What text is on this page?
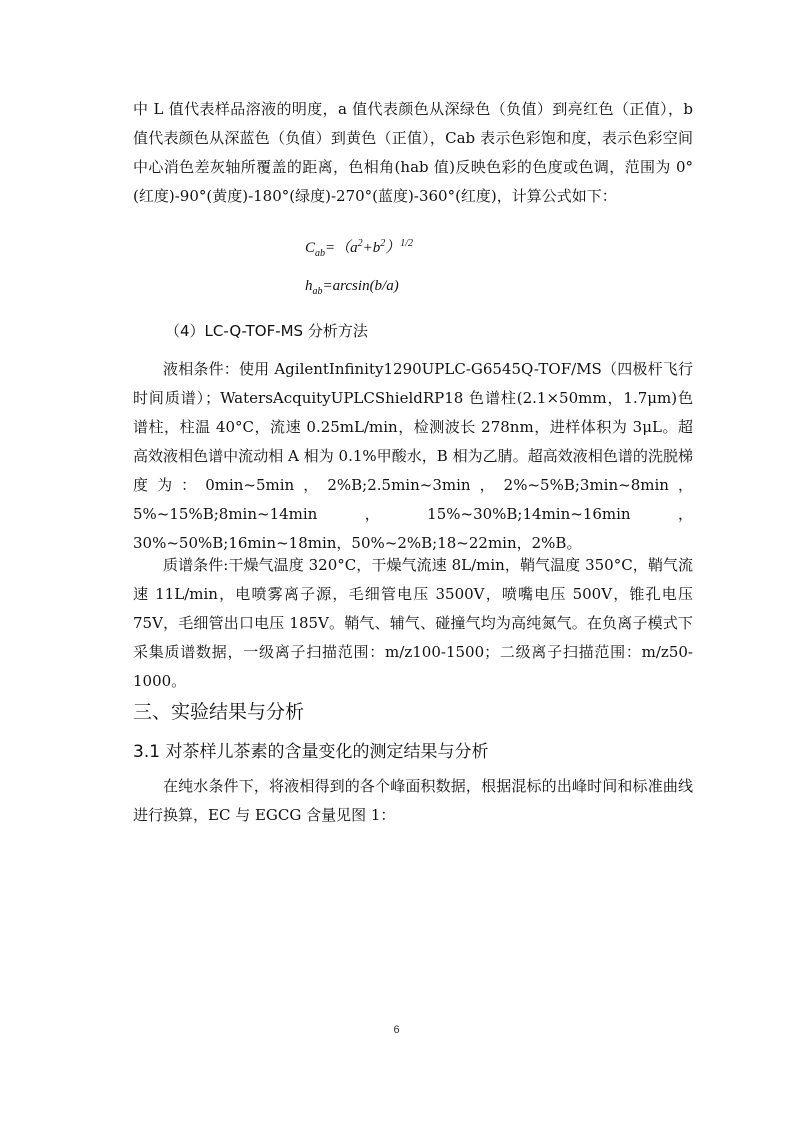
中 L 值代表样品溶液的明度，a 值代表颜色从深绿色（负值）到亮红色（正值），b 值代表颜色从深蓝色（负值）到黄色（正值），Cab 表示色彩饱和度，表示色彩空间中心消色差灰轴所覆盖的距离，色相角(hab 值)反映色彩的色度或色调，范围为 0°(红度)-90°(黄度)-180°(绿度)-270°(蓝度)-360°(红度)，计算公式如下：

$C_{ab}=(a^2+b^2)^{1/2}$
$h_{ab}=\arcsin(b/a)$
（4）LC-Q-TOF-MS 分析方法

液相条件：使用 AgilentInfinity1290UPLC-G6545Q-TOF/MS（四极杆飞行时间质谱）；WatersAcquityUPLCShieldRP18 色谱柱(2.1×50mm，1.7μm)色谱柱，柱温 40°C，流速 0.25mL/min，检测波长 278nm，进样体积为 3μL。超高效液相色谱中流动相 A 相为 0.1%甲酸水，B 相为乙腈。超高效液相色谱的洗脱梯度为：0min~5min，2%B;2.5min~3min，2%~5%B;3min~8min，5%~15%B;8min~14min，15%~30%B;14min~16min，30%~50%B;16min~18min，50%~2%B;18~22min，2%B。

质谱条件:干燥气温度 320°C，干燥气流速 8L/min，鞘气温度 350°C，鞘气流速 11L/min，电喷雾离子源，毛细管电压 3500V，喷嘴电压 500V，锥孔电压 75V，毛细管出口电压 185V。鞘气、辅气、碰撞气均为高纯氮气。在负离子模式下采集质谱数据，一级离子扫描范围：m/z100-1500；二级离子扫描范围：m/z50-1000。

三、实验结果与分析
3.1 对茶样儿茶素的含量变化的测定结果与分析

在纯水条件下，将液相得到的各个峰面积数据，根据混标的出峰时间和标准曲线进行换算，EC 与 EGCG 含量见图 1：

6
